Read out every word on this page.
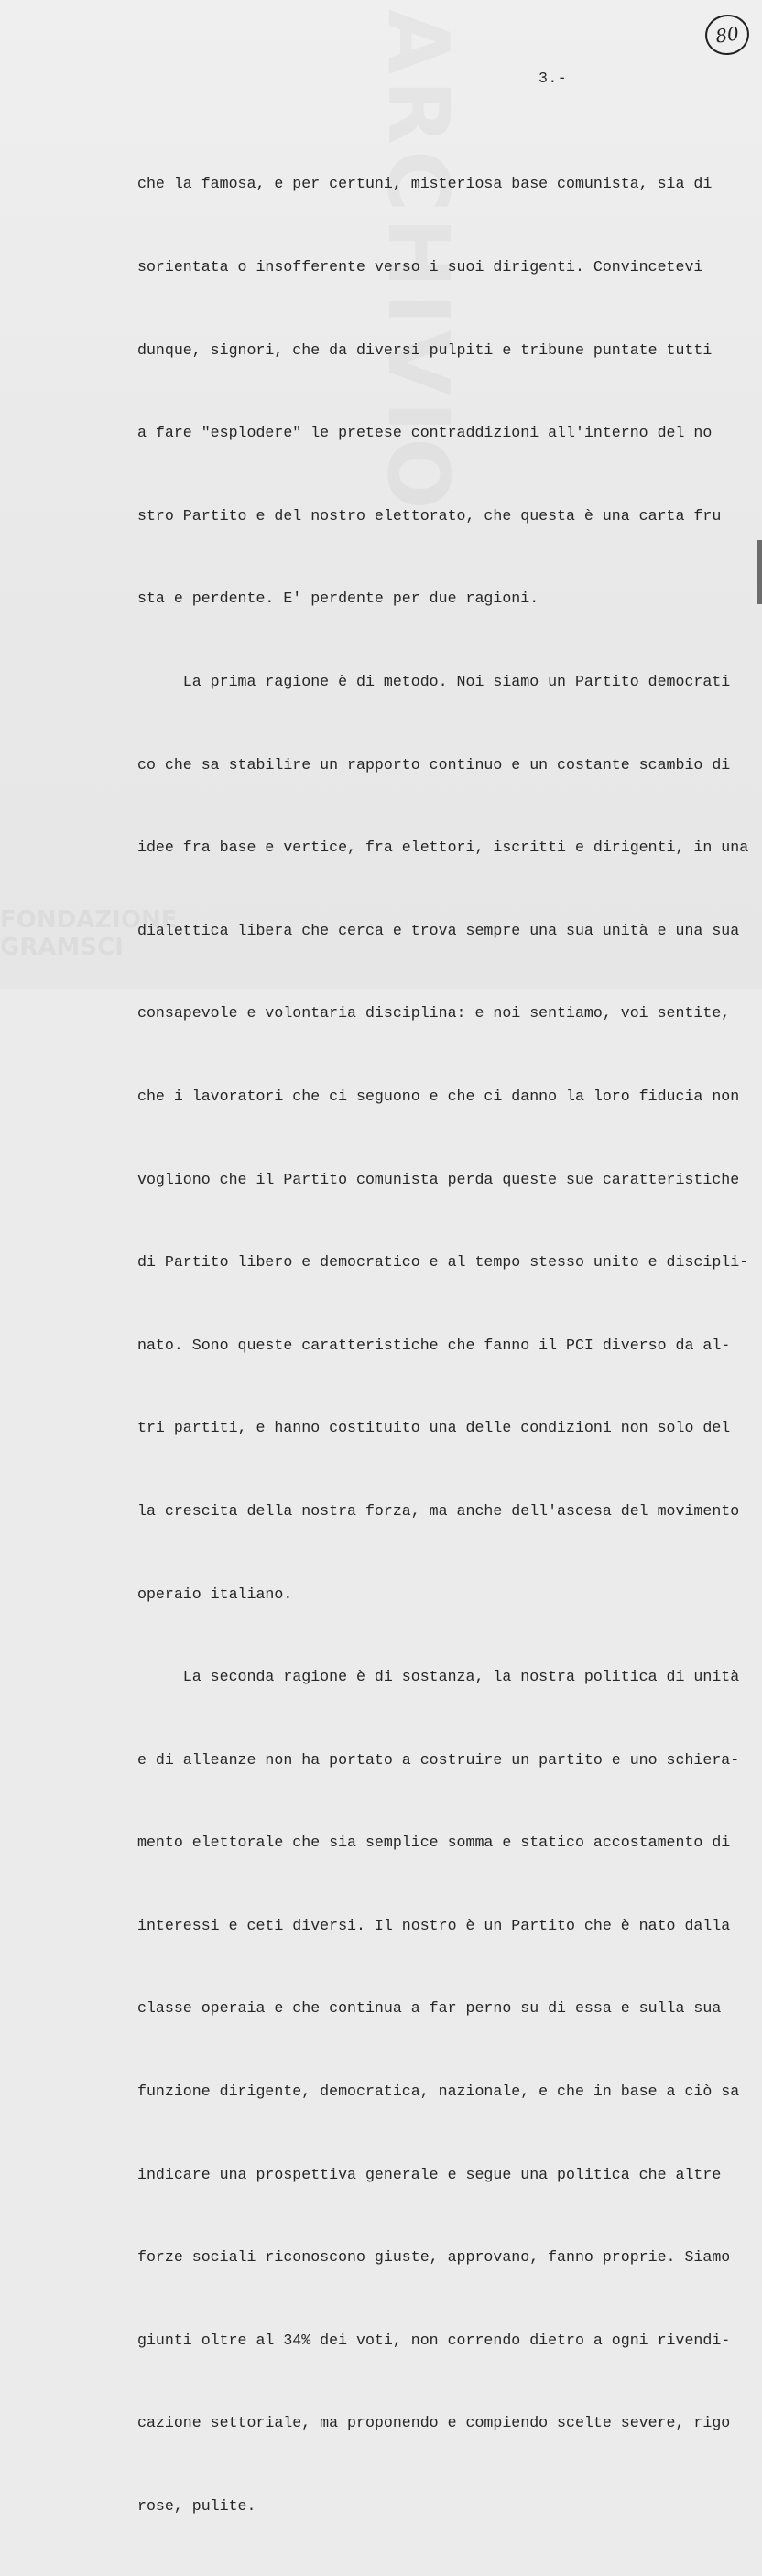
ARCHIVIO	80
3.-

che la famosa, e per certuni, misteriosa base comunista, sia di

sorientata o insofferente verso i suoi dirigenti. Convincetevi

dunque, signori, che da diversi pulpiti e tribune puntate tutti

a fare "esplodere" le pretese contraddizioni all'interno del no

stro Partito e del nostro elettorato, che questa è una carta fru

sta e perdente. E' perdente per due ragioni.

La prima ragione è di metodo. Noi siamo un Partito democrati

co che sa stabilire un rapporto continuo e un costante scambio di

idee fra base e vertice, fra elettori, iscritti e dirigenti, in una

dialettica libera che cerca e trova sempre una sua unità e una sua

consapevole e volontaria disciplina: e noi sentiamo, voi sentite,

che i lavoratori che ci seguono e che ci danno la loro fiducia non

vogliono che il Partito comunista perda queste sue caratteristiche

di Partito libero e democratico e al tempo stesso unito e discipli-

nato. Sono queste caratteristiche che fanno il PCI diverso da al-

tri partiti, e hanno costituito una delle condizioni non solo del

la crescita della nostra forza, ma anche dell'ascesa del movimento

operaio italiano.

La seconda ragione è di sostanza, la nostra politica di unità

e di alleanze non ha portato a costruire un partito e uno schiera-

mento elettorale che sia semplice somma e statico accostamento di

interessi e ceti diversi. Il nostro è un Partito che è nato dalla

classe operaia e che continua a far perno su di essa e sulla sua

funzione dirigente, democratica, nazionale, e che in base a ciò sa

indicare una prospettiva generale e segue una politica che altre

forze sociali riconoscono giuste, approvano, fanno proprie. Siamo

giunti oltre al 34% dei voti, non correndo dietro a ogni rivendi-

cazione settoriale, ma proponendo e compiendo scelte severe, rigo

rose, pulite.

FONDAZIONE
GRAMSCI
